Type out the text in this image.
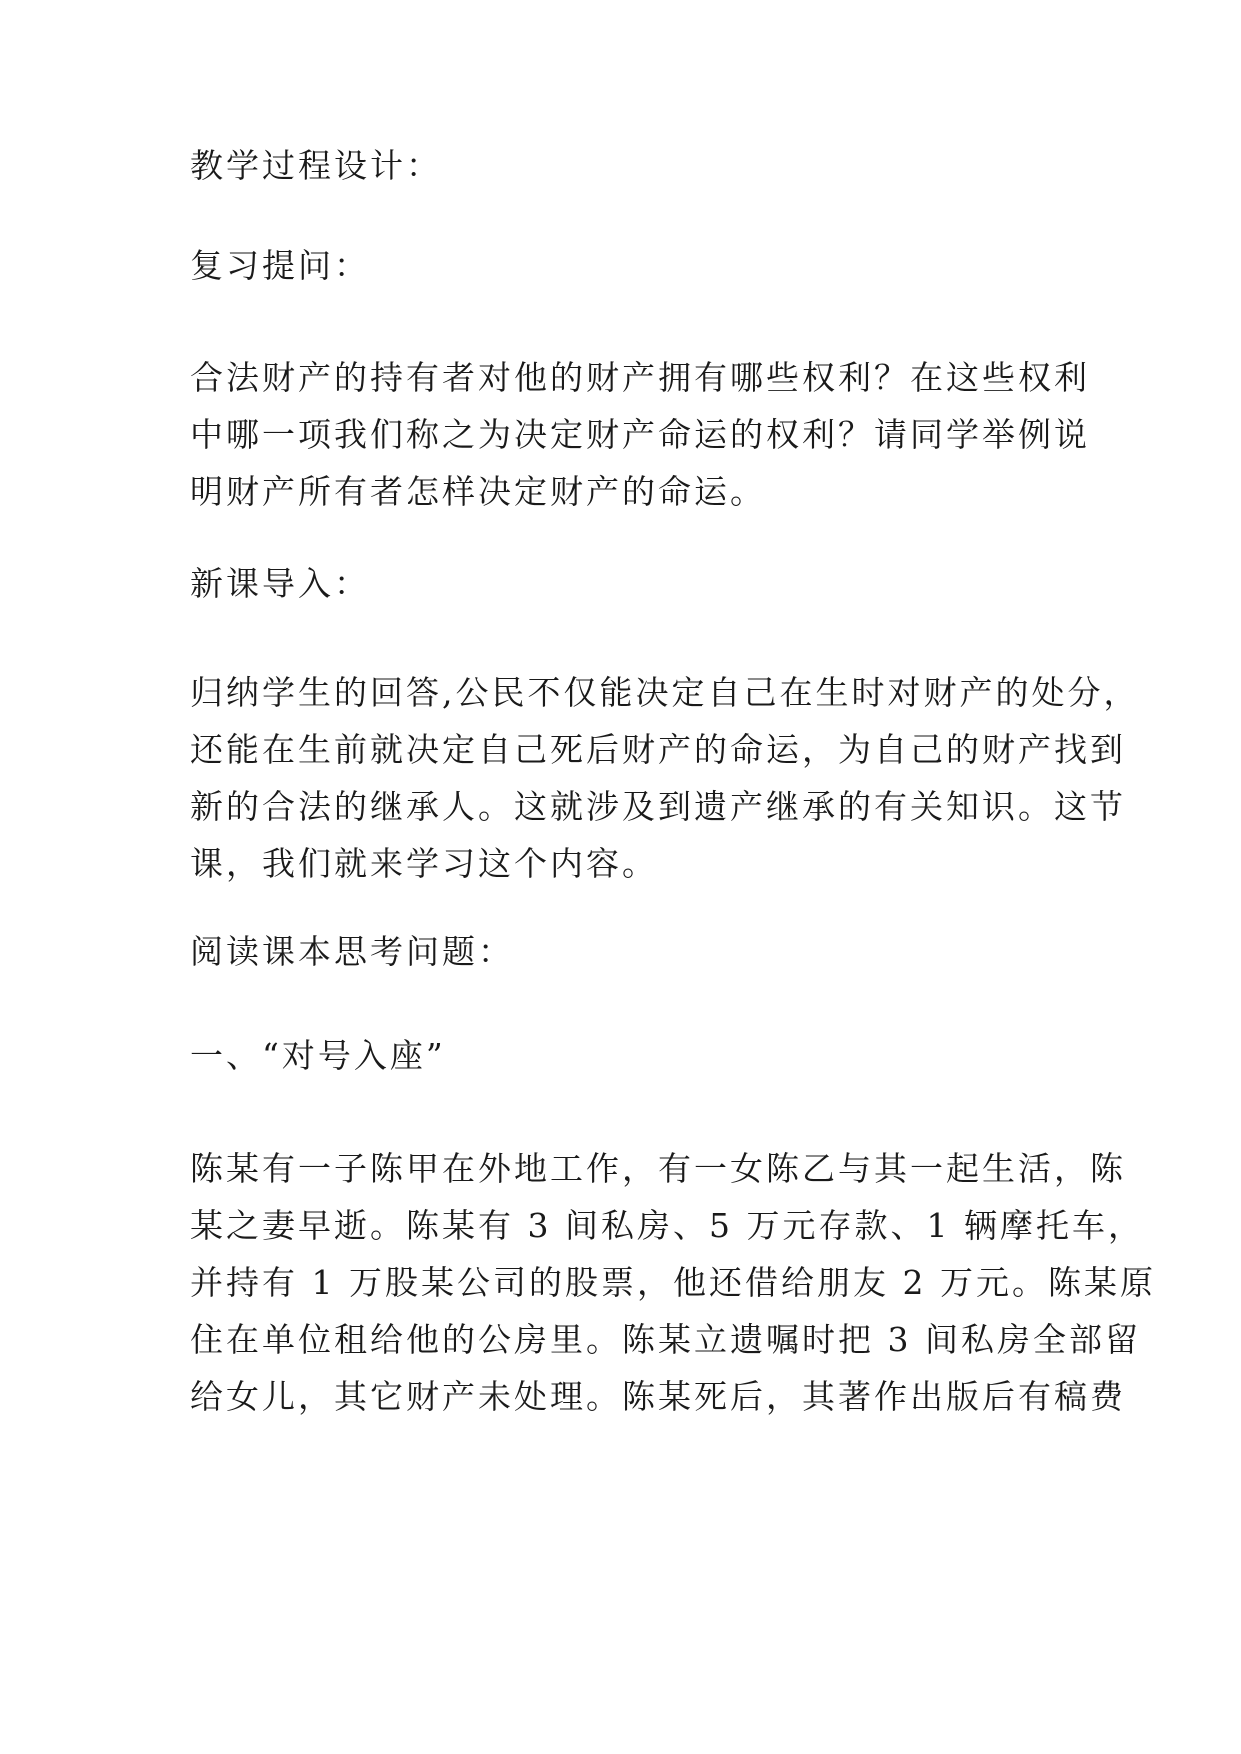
教学过程设计：

复习提问：

合法财产的持有者对他的财产拥有哪些权利？在这些权利
中哪一项我们称之为决定财产命运的权利？请同学举例说
明财产所有者怎样决定财产的命运。

新课导入：

归纳学生的回答,公民不仅能决定自己在生时对财产的处分，
还能在生前就决定自己死后财产的命运，为自己的财产找到
新的合法的继承人。这就涉及到遗产继承的有关知识。这节
课，我们就来学习这个内容。

阅读课本思考问题：

一、“对号入座”

陈某有一子陈甲在外地工作，有一女陈乙与其一起生活，陈
某之妻早逝。陈某有 3 间私房、5 万元存款、1 辆摩托车，
并持有 1 万股某公司的股票，他还借给朋友 2 万元。陈某原
住在单位租给他的公房里。陈某立遗嘱时把 3 间私房全部留
给女儿，其它财产未处理。陈某死后，其著作出版后有稿费
